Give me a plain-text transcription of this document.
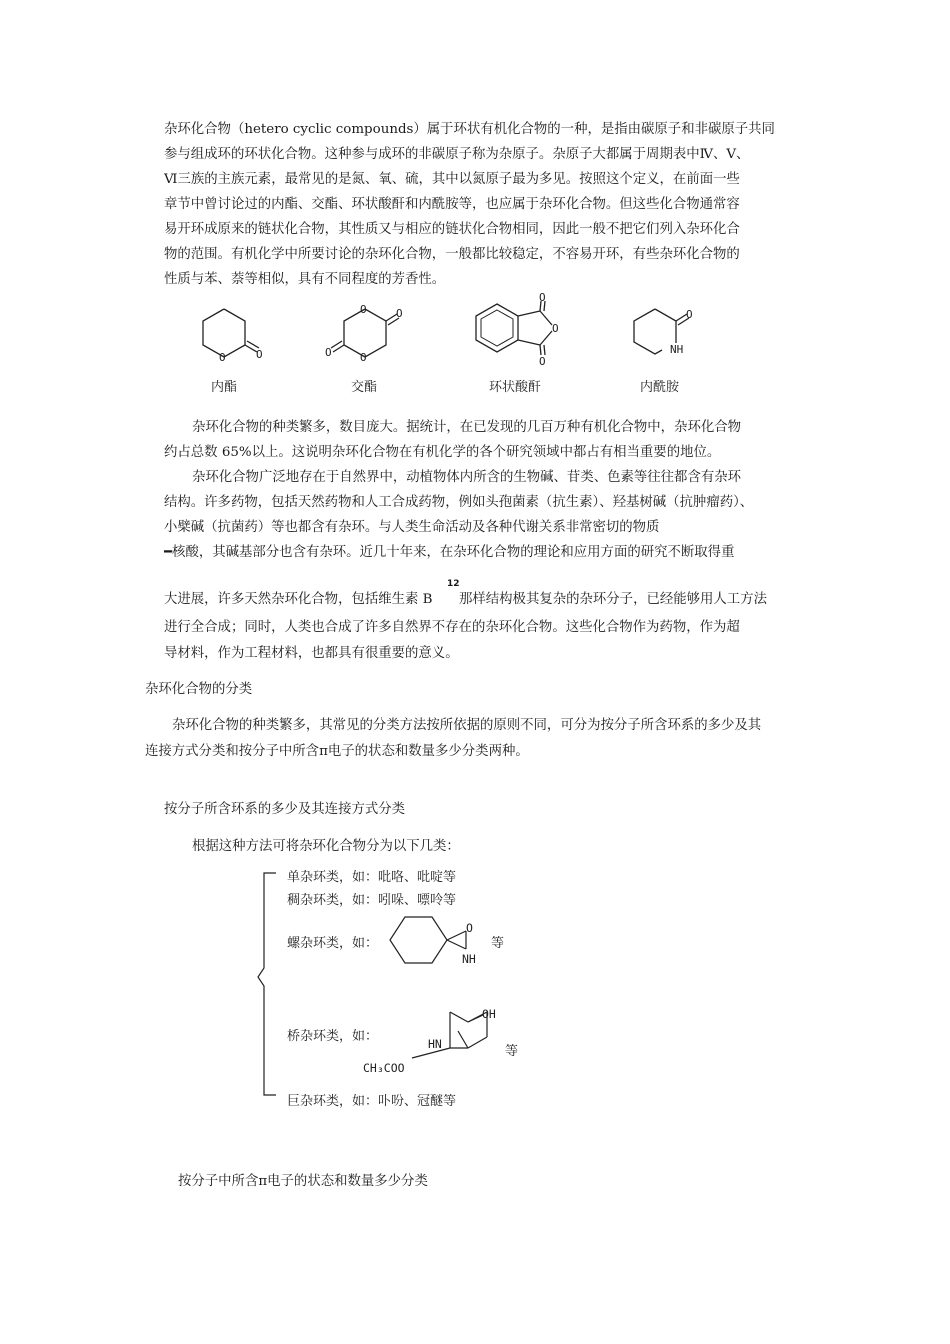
杂环化合物（hetero cyclic compounds）属于环状有机化合物的一种，是指由碳原子和非碳原子共同
参与组成环的环状化合物。这种参与成环的非碳原子称为杂原子。杂原子大都属于周期表中Ⅳ、Ⅴ、
Ⅵ三族的主族元素，最常见的是氮、氧、硫，其中以氮原子最为多见。按照这个定义，在前面一些
章节中曾讨论过的内酯、交酯、环状酸酐和内酰胺等，也应属于杂环化合物。但这些化合物通常容
易开环成原来的链状化合物，其性质又与相应的链状化合物相同，因此一般不把它们列入杂环化合
物的范围。有机化学中所要讨论的杂环化合物，一般都比较稳定，不容易开环，有些杂环化合物的
性质与苯、萘等相似，具有不同程度的芳香性。
O	O
O
O
O
O
O
O
O
O
NH
内酯	交酯	环状酸酐	内酰胺
杂环化合物的种类繁多，数目庞大。据统计，在已发现的几百万种有机化合物中，杂环化合物
约占总数 65%以上。这说明杂环化合物在有机化学的各个研究领域中都占有相当重要的地位。
杂环化合物广泛地存在于自然界中，动植物体内所含的生物碱、苷类、色素等往往都含有杂环
结构。许多药物，包括天然药物和人工合成药物，例如头孢菌素（抗生素）、羟基树碱（抗肿瘤药）、
小檗碱（抗菌药）等也都含有杂环。与人类生命活动及各种代谢关系非常密切的物质
━核酸，其碱基部分也含有杂环。近几十年来，在杂环化合物的理论和应用方面的研究不断取得重
大进展，许多天然杂环化合物，包括维生素 B
12
那样结构极其复杂的杂环分子，已经能够用人工方法
进行全合成；同时，人类也合成了许多自然界不存在的杂环化合物。这些化合物作为药物，作为超
导材料，作为工程材料，也都具有很重要的意义。
杂环化合物的分类
杂环化合物的种类繁多，其常见的分类方法按所依据的原则不同，可分为按分子所含环系的多少及其
连接方式分类和按分子中所含π电子的状态和数量多少分类两种。
按分子所含环系的多少及其连接方式分类
根据这种方法可将杂环化合物分为以下几类：
O
NH
OH
HN
CH₃COO
单杂环类，如：吡咯、吡啶等
稠杂环类，如：吲哚、嘌呤等
螺杂环类，如：	等
桥杂环类，如：
等
巨杂环类，如：卟吩、冠醚等
按分子中所含π电子的状态和数量多少分类
